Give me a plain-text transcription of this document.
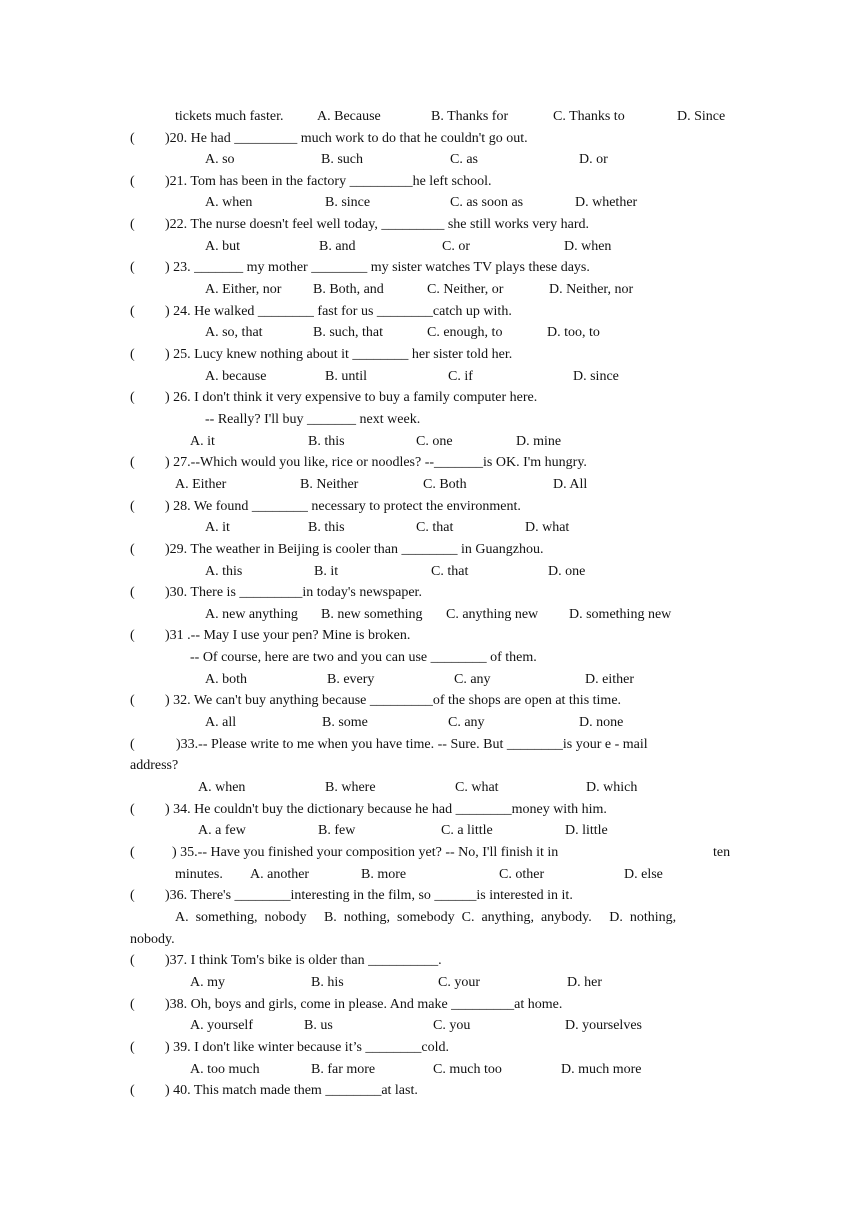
tickets much faster. A. Because	B. Thanks for	C. Thanks to	D. Since
( )20. He had _________ much work to do that he couldn't go out.
A. so	B. such	C. as	D. or
( )21. Tom has been in the factory _________he left school.
A. when	B. since	C. as soon as	D. whether
( )22. The nurse doesn't feel well today, _________ she still works very hard.
A. but	B. and	C. or	D. when
( ) 23. _______ my mother ________ my sister watches TV plays these days.
A. Either, nor B. Both, and	C. Neither, or	D. Neither, nor
( ) 24. He walked ________ fast for us ________catch up with.
A. so, that	B. such, that	C. enough, to	D. too, to
( ) 25. Lucy knew nothing about it ________ her sister told her.
A. because	B. until	C. if	D. since
( ) 26. I don't think it very expensive to buy a family computer here.
-- Really? I'll buy _______ next week.
A. it	B. this	C. one	D. mine
( ) 27.--Which would you like, rice or noodles? --_______is OK. I'm hungry.
A. Either	B. Neither	C. Both	D. All
( ) 28. We found ________ necessary to protect the environment.
A. it	B. this	C. that	D. what
( )29. The weather in Beijing is cooler than ________ in Guangzhou.
A. this	B. it	C. that	D. one
( )30. There is _________in today's newspaper.
A. new anything B. new something C. anything new D. something new
( )31 .-- May I use your pen? Mine is broken.
-- Of course, here are two and you can use ________ of them.
A. both	B. every	C. any	D. either
( ) 32. We can't buy anything because _________of the shops are open at this time.
A. all	B. some	C. any	D. none
(	)33.-- Please write to me when you have time. -- Sure. But ________is your e - mail
address?
A. when	B. where	C. what	D. which
( ) 34. He couldn't buy the dictionary because he had ________money with him.
A. a few	B. few	C. a little	D. little
(	) 35.-- Have you finished your composition yet? -- No, I'll finish it in	ten
minutes. A. another	B. more	C. other	D. else
( )36. There's ________interesting in the film, so ______is interested in it.
A.  something,  nobody     B.  nothing,  somebody  C.  anything,  anybody.     D.  nothing,
nobody.
( )37. I think Tom's bike is older than __________.
A. my	B. his	C. your	D. her
( )38. Oh, boys and girls, come in please. And make _________at home.
A. yourself	B. us	C. you	D. yourselves
( ) 39. I don't like winter because it’s ________cold.
A. too much	B. far more	C. much too	D. much more
( ) 40. This match made them ________at last.
